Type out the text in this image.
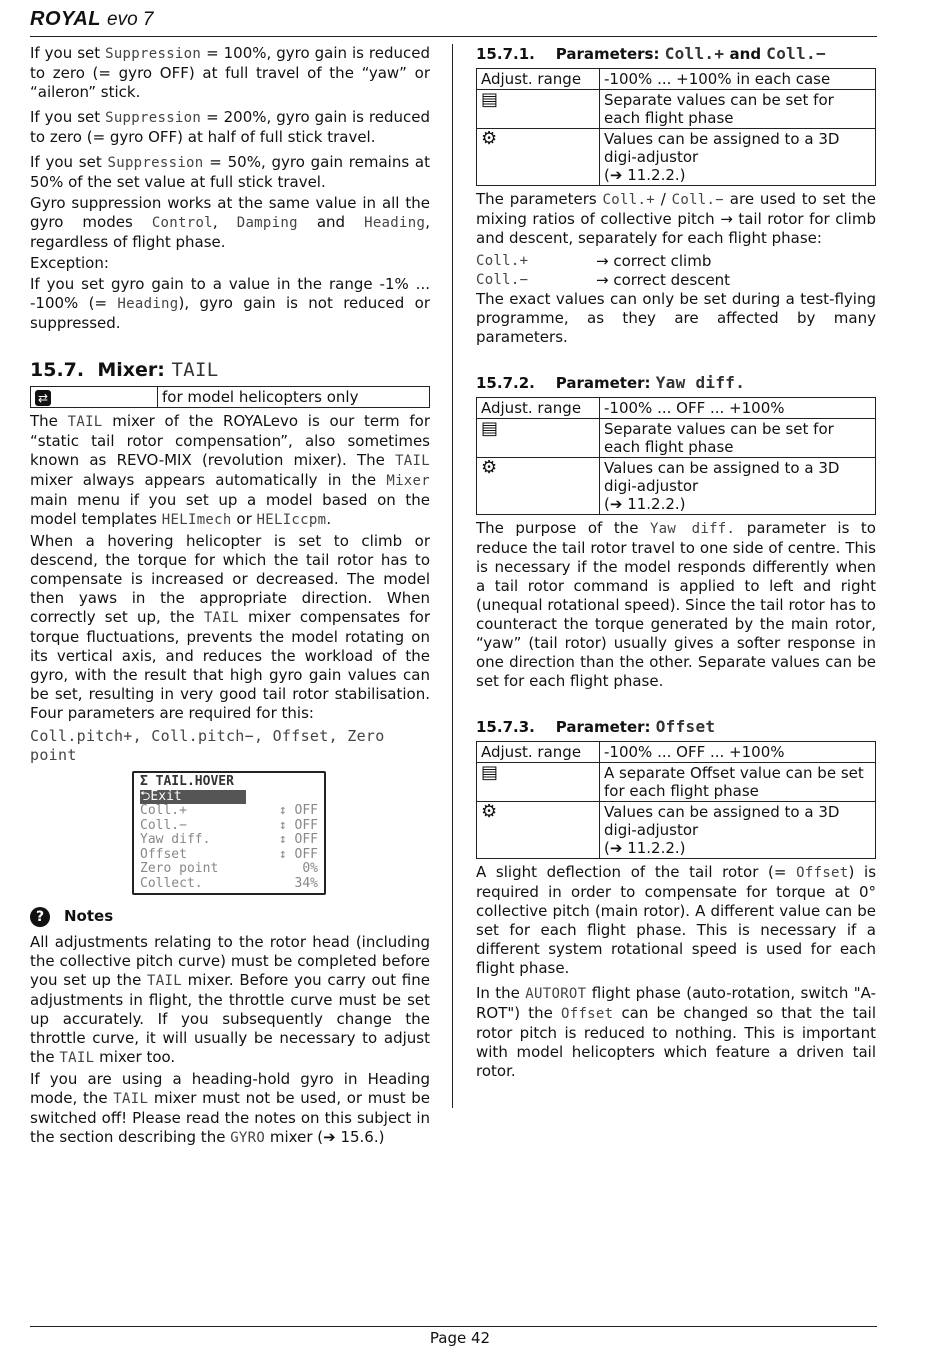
ROYAL evo 7

If you set Suppression = 100%, gyro gain is reduced to zero (= gyro OFF) at full travel of the “yaw” or “aileron” stick.

If you set Suppression = 200%, gyro gain is reduced to zero (= gyro OFF) at half of full stick travel.

If you set Suppression = 50%, gyro gain remains at 50% of the set value at full stick travel.

Gyro suppression works at the same value in all the gyro modes Control, Damping and Heading, regardless of flight phase.

Exception:

If you set gyro gain to a value in the range -1% ... -100% (= Heading), gyro gain is not reduced or suppressed.

15.7. Mixer: TAIL
⇄	for model helicopters only

The TAIL mixer of the ROYALevo is our term for “static tail rotor compensation”, also sometimes known as REVO-MIX (revolution mixer). The TAIL mixer always appears automatically in the Mixer main menu if you set up a model based on the model templates HELImech or HELIccpm.

When a hovering helicopter is set to climb or descend, the torque for which the tail rotor has to compensate is increased or decreased. The model then yaws in the appropriate direction. When correctly set up, the TAIL mixer compensates for torque fluctuations, prevents the model rotating on its vertical axis, and reduces the workload of the gyro, with the result that high gyro gain values can be set, resulting in very good tail rotor stabilisation. Four parameters are required for this:

Coll.pitch+, Coll.pitch−, Offset, Zero point
Σ TAIL.HOVER
⮌Exit
Coll.+	↕ OFF
Coll.−	↕ OFF
Yaw diff.	↕ OFF
Offset	↕ OFF
Zero point	0%
Collect.	34%
? Notes

All adjustments relating to the rotor head (including the collective pitch curve) must be completed before you set up the TAIL mixer. Before you carry out fine adjustments in flight, the throttle curve must be set up accurately. If you subsequently change the throttle curve, it will usually be necessary to adjust the TAIL mixer too.

If you are using a heading-hold gyro in Heading mode, the TAIL mixer must not be used, or must be switched off! Please read the notes on this subject in the section describing the GYRO mixer (➔ 15.6.)

15.7.1. Parameters: Coll.+ and Coll.−
Adjust. range	-100% ... +100% in each case
▤	Separate values can be set for each flight phase
⚙	Values can be assigned to a 3D digi-adjustor
(➔ 11.2.2.)

The parameters Coll.+ / Coll.− are used to set the mixing ratios of collective pitch → tail rotor for climb and descent, separately for each flight phase:

Coll.+	→ correct climb
Coll.−	→ correct descent

The exact values can only be set during a test-flying programme, as they are affected by many parameters.

15.7.2. Parameter: Yaw diff.
Adjust. range	-100% ... OFF ... +100%
▤	Separate values can be set for each flight phase
⚙	Values can be assigned to a 3D digi-adjustor
(➔ 11.2.2.)

The purpose of the Yaw diff. parameter is to reduce the tail rotor travel to one side of centre. This is necessary if the model responds differently when a tail rotor command is applied to left and right (unequal rotational speed). Since the tail rotor has to counteract the torque generated by the main rotor, “yaw” (tail rotor) usually gives a softer response in one direction than the other. Separate values can be set for each flight phase.

15.7.3. Parameter: Offset
Adjust. range	-100% ... OFF ... +100%
▤	A separate Offset value can be set for each flight phase
⚙	Values can be assigned to a 3D digi-adjustor
(➔ 11.2.2.)

A slight deflection of the tail rotor (= Offset) is required in order to compensate for torque at 0° collective pitch (main rotor). A different value can be set for each flight phase. This is necessary if a different system rotational speed is used for each flight phase.

In the AUTOROT flight phase (auto-rotation, switch "A-ROT") the Offset can be changed so that the tail rotor pitch is reduced to nothing. This is important with model helicopters which feature a driven tail rotor.

Page 42
